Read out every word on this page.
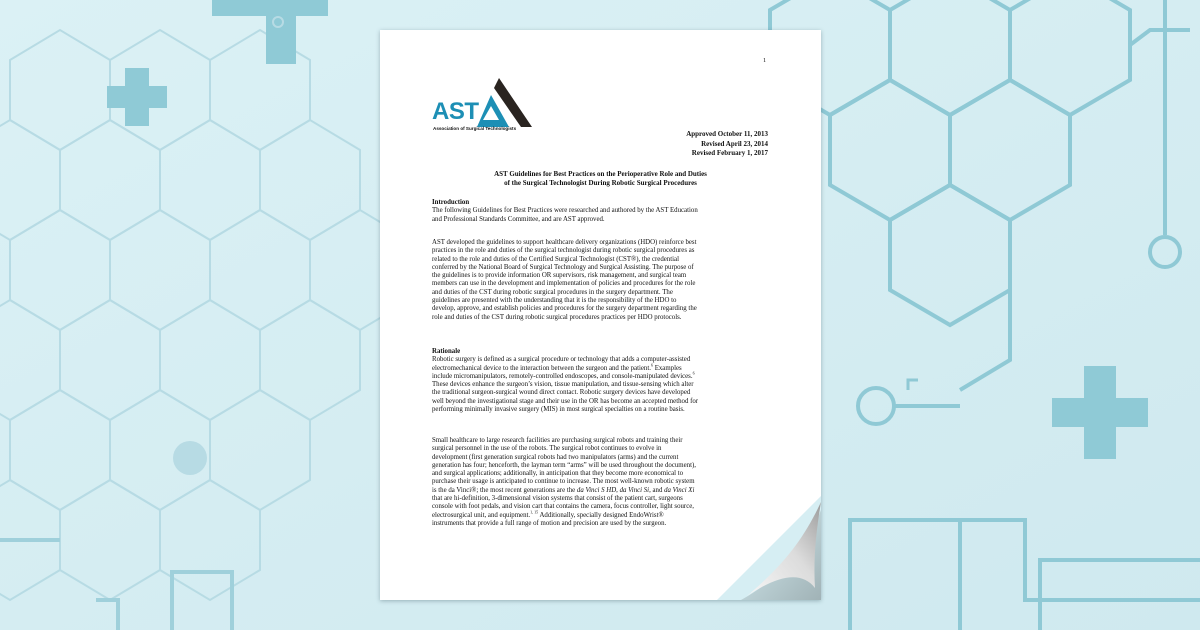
1
AST
Association of Surgical Technologists
Approved October 11, 2013
Revised April 23, 2014
Revised February 1, 2017
AST Guidelines for Best Practices on the Perioperative Role and Duties
of the Surgical Technologist During Robotic Surgical Procedures
Introduction
The following Guidelines for Best Practices were researched and authored by the AST Education
and Professional Standards Committee, and are AST approved.
AST developed the guidelines to support healthcare delivery organizations (HDO) reinforce best
practices in the role and duties of the surgical technologist during robotic surgical procedures as
related to the role and duties of the Certified Surgical Technologist (CST®), the credential
conferred by the National Board of Surgical Technology and Surgical Assisting. The purpose of
the guidelines is to provide information OR supervisors, risk management, and surgical team
members can use in the development and implementation of policies and procedures for the role
and duties of the CST during robotic surgical procedures in the surgery department. The
guidelines are presented with the understanding that it is the responsibility of the HDO to
develop, approve, and establish policies and procedures for the surgery department regarding the
role and duties of the CST during robotic surgical procedures practices per HDO protocols.
Rationale
Robotic surgery is defined as a surgical procedure or technology that adds a computer-assisted
electromechanical device to the interaction between the surgeon and the patient.$^6$ Examples
include micromanipulators, remotely-controlled endoscopes, and console-manipulated devices.$^6$
These devices enhance the surgeon’s vision, tissue manipulation, and tissue-sensing which alter
the traditional surgeon-surgical wound direct contact. Robotic surgery devices have developed
well beyond the investigational stage and their use in the OR has become an accepted method for
performing minimally invasive surgery (MIS) in most surgical specialties on a routine basis.
Small healthcare to large research facilities are purchasing surgical robots and training their
surgical personnel in the use of the robots. The surgical robot continues to evolve in
development (first generation surgical robots had two manipulators (arms) and the current
generation has four; henceforth, the layman term “arms” will be used throughout the document),
and surgical applications; additionally, in anticipation that they become more economical to
purchase their usage is anticipated to continue to increase. The most well-known robotic system
is the da Vinci®; the most recent generations are the da Vinci S HD, da Vinci Si, and da Vinci Xi
that are hi-definition, 3-dimensional vision systems that consist of the patient cart, surgeons
console with foot pedals, and vision cart that contains the camera, focus controller, light source,
electrosurgical unit, and equipment.$^{1, 15}$ Additionally, specially designed EndoWrist®
instruments that provide a full range of motion and precision are used by the surgeon.
